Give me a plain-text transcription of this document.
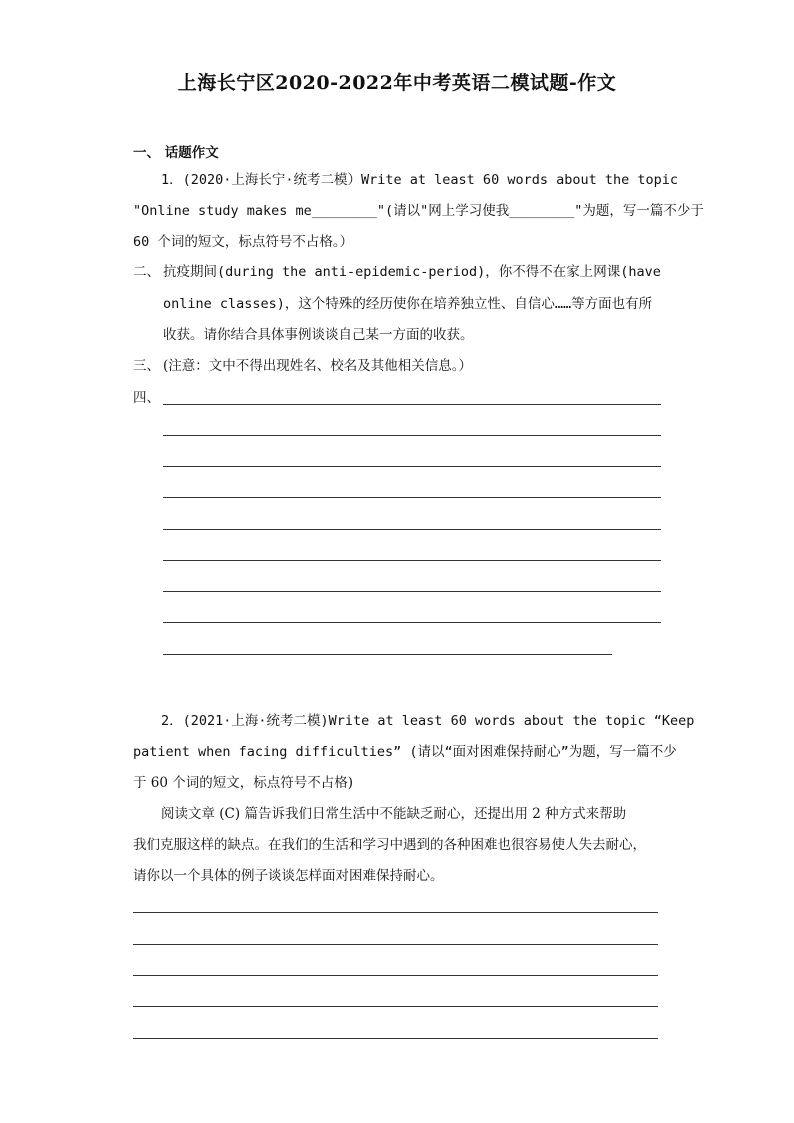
上海长宁区2020-2022年中考英语二模试题-作文
一、 话题作文
1．(2020·上海长宁·统考二模）Write at least 60 words about the topic
"Online study makes me________"(请以"网上学习使我________"为题，写一篇不少于
60 个词的短文，标点符号不占格。）
二、 抗疫期间(during the anti-epidemic-period)，你不得不在家上网课(have
online classes)，这个特殊的经历使你在培养独立性、自信心……等方面也有所
收获。请你结合具体事例谈谈自己某一方面的收获。
三、 (注意：文中不得出现姓名、校名及其他相关信息。）
四、
2．(2021·上海·统考二模)Write at least 60 words about the topic “Keep
patient when facing difficulties” (请以“面对困难保持耐心”为题，写一篇不少
于 60 个词的短文，标点符号不占格)
阅读文章 (C) 篇告诉我们日常生活中不能缺乏耐心，还提出用 2 种方式来帮助
我们克服这样的缺点。在我们的生活和学习中遇到的各种困难也很容易使人失去耐心，
请你以一个具体的例子谈谈怎样面对困难保持耐心。
